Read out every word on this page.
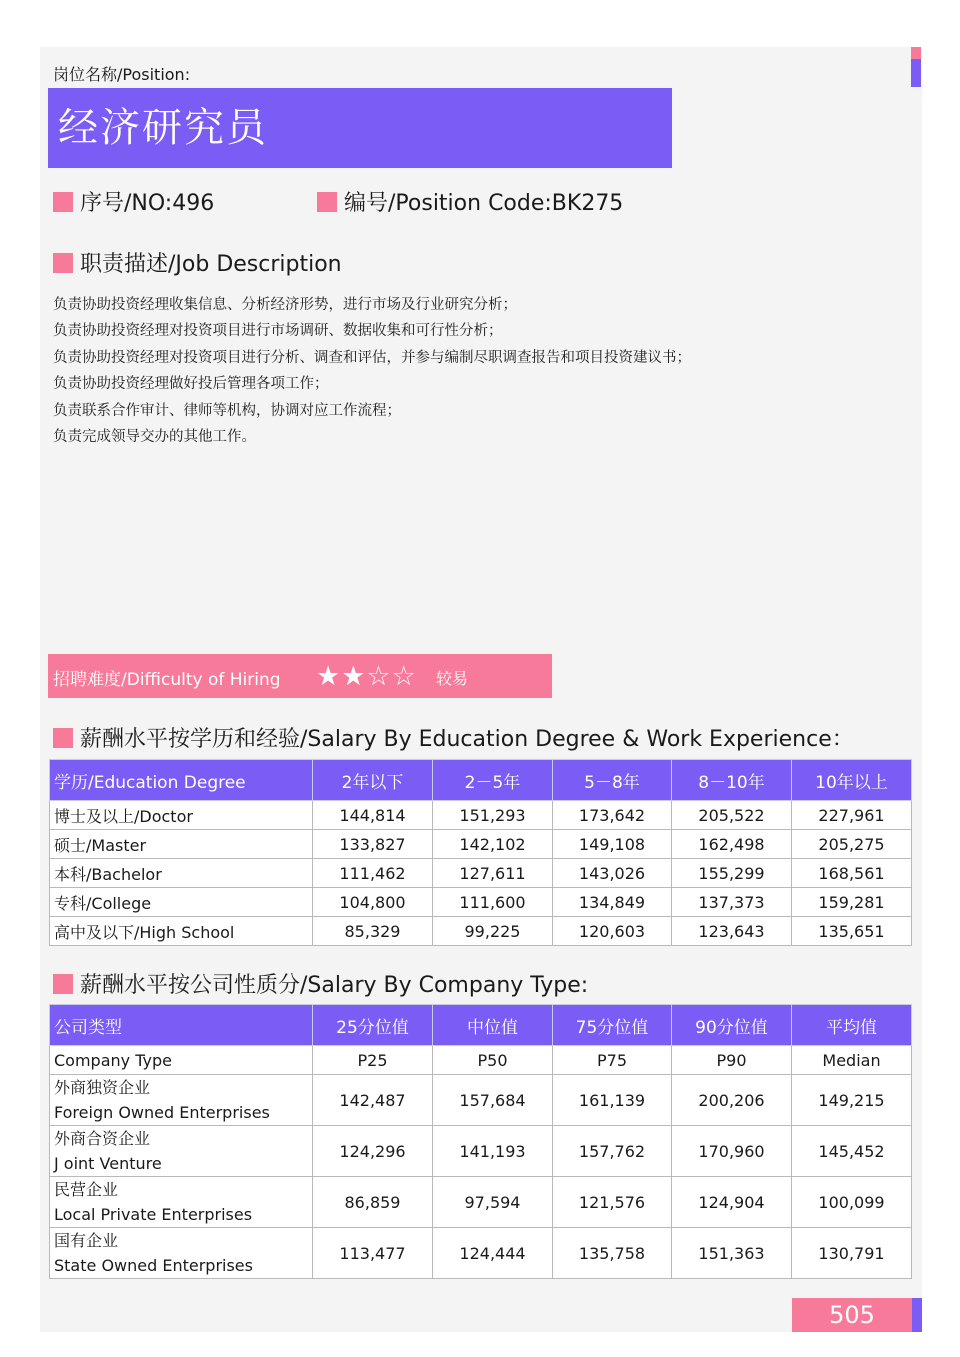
岗位名称/Position:
经济研究员
序号/NO:496	编号/Position Code:BK275
职责描述/Job Description
负责协助投资经理收集信息、分析经济形势，进行市场及行业研究分析；
负责协助投资经理对投资项目进行市场调研、数据收集和可行性分析；
负责协助投资经理对投资项目进行分析、调查和评估，并参与编制尽职调查报告和项目投资建议书；
负责协助投资经理做好投后管理各项工作；
负责联系合作审计、律师等机构，协调对应工作流程；
负责完成领导交办的其他工作。
招聘难度/Difficulty of Hiring ★★☆☆ 较易
薪酬水平按学历和经验/Salary By Education Degree & Work Experience：
学历/Education Degree	2年以下	2－5年	5－8年	8－10年	10年以上
博士及以上/Doctor	144,814	151,293	173,642	205,522	227,961
硕士/Master	133,827	142,102	149,108	162,498	205,275
本科/Bachelor	111,462	127,611	143,026	155,299	168,561
专科/College	104,800	111,600	134,849	137,373	159,281
高中及以下/High School	85,329	99,225	120,603	123,643	135,651
薪酬水平按公司性质分/Salary By Company Type:
公司类型	25分位值	中位值	75分位值	90分位值	平均值
Company Type	P25	P50	P75	P90	Median

外商独资企业
Foreign Owned Enterprises	142,487	157,684	161,139	200,206	149,215

外商合资企业
J oint Venture	124,296	141,193	157,762	170,960	145,452

民营企业
Local Private Enterprises	86,859	97,594	121,576	124,904	100,099

国有企业
State Owned Enterprises	113,477	124,444	135,758	151,363	130,791
505
